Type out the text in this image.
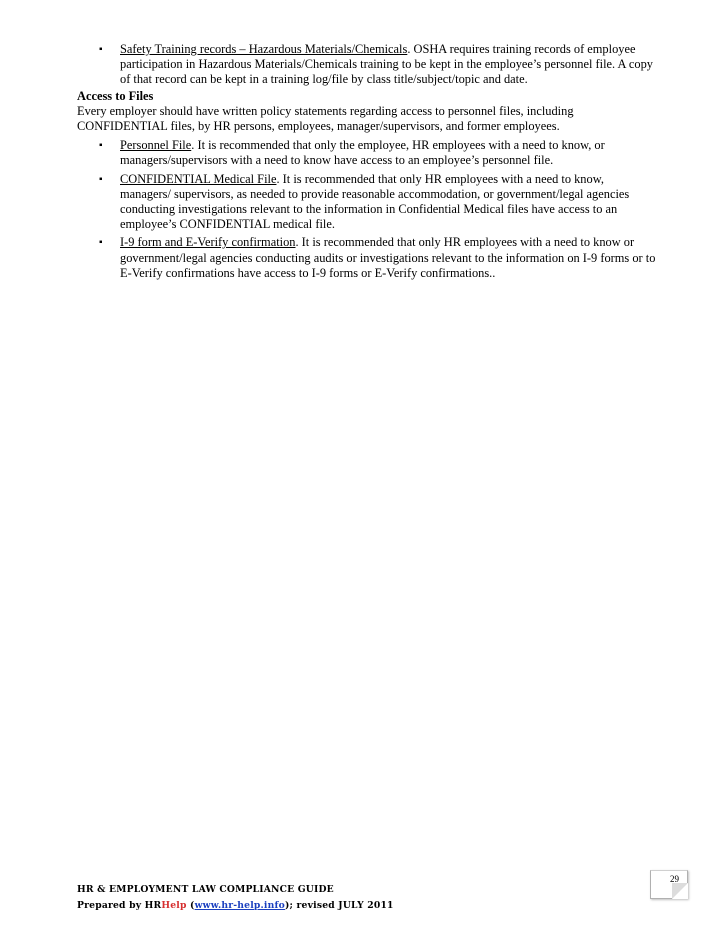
▪ Safety Training records – Hazardous Materials/Chemicals. OSHA requires training records of employee participation in Hazardous Materials/Chemicals training to be kept in the employee’s personnel file. A copy of that record can be kept in a training log/file by class title/subject/topic and date.

Access to Files

Every employer should have written policy statements regarding access to personnel files, including CONFIDENTIAL files, by HR persons, employees, manager/supervisors, and former employees.

▪ Personnel File. It is recommended that only the employee, HR employees with a need to know, or managers/supervisors with a need to know have access to an employee’s personnel file.

▪ CONFIDENTIAL Medical File. It is recommended that only HR employees with a need to know, managers/ supervisors, as needed to provide reasonable accommodation, or government/legal agencies conducting investigations relevant to the information in Confidential Medical files have access to an employee’s CONFIDENTIAL medical file.

▪ I-9 form and E-Verify confirmation. It is recommended that only HR employees with a need to know or government/legal agencies conducting audits or investigations relevant to the information on I-9 forms or to E-Verify confirmations have access to I-9 forms or E-Verify confirmations..

29
HR & EMPLOYMENT LAW COMPLIANCE GUIDE
Prepared by HRHelp (www.hr-help.info); revised JULY 2011
